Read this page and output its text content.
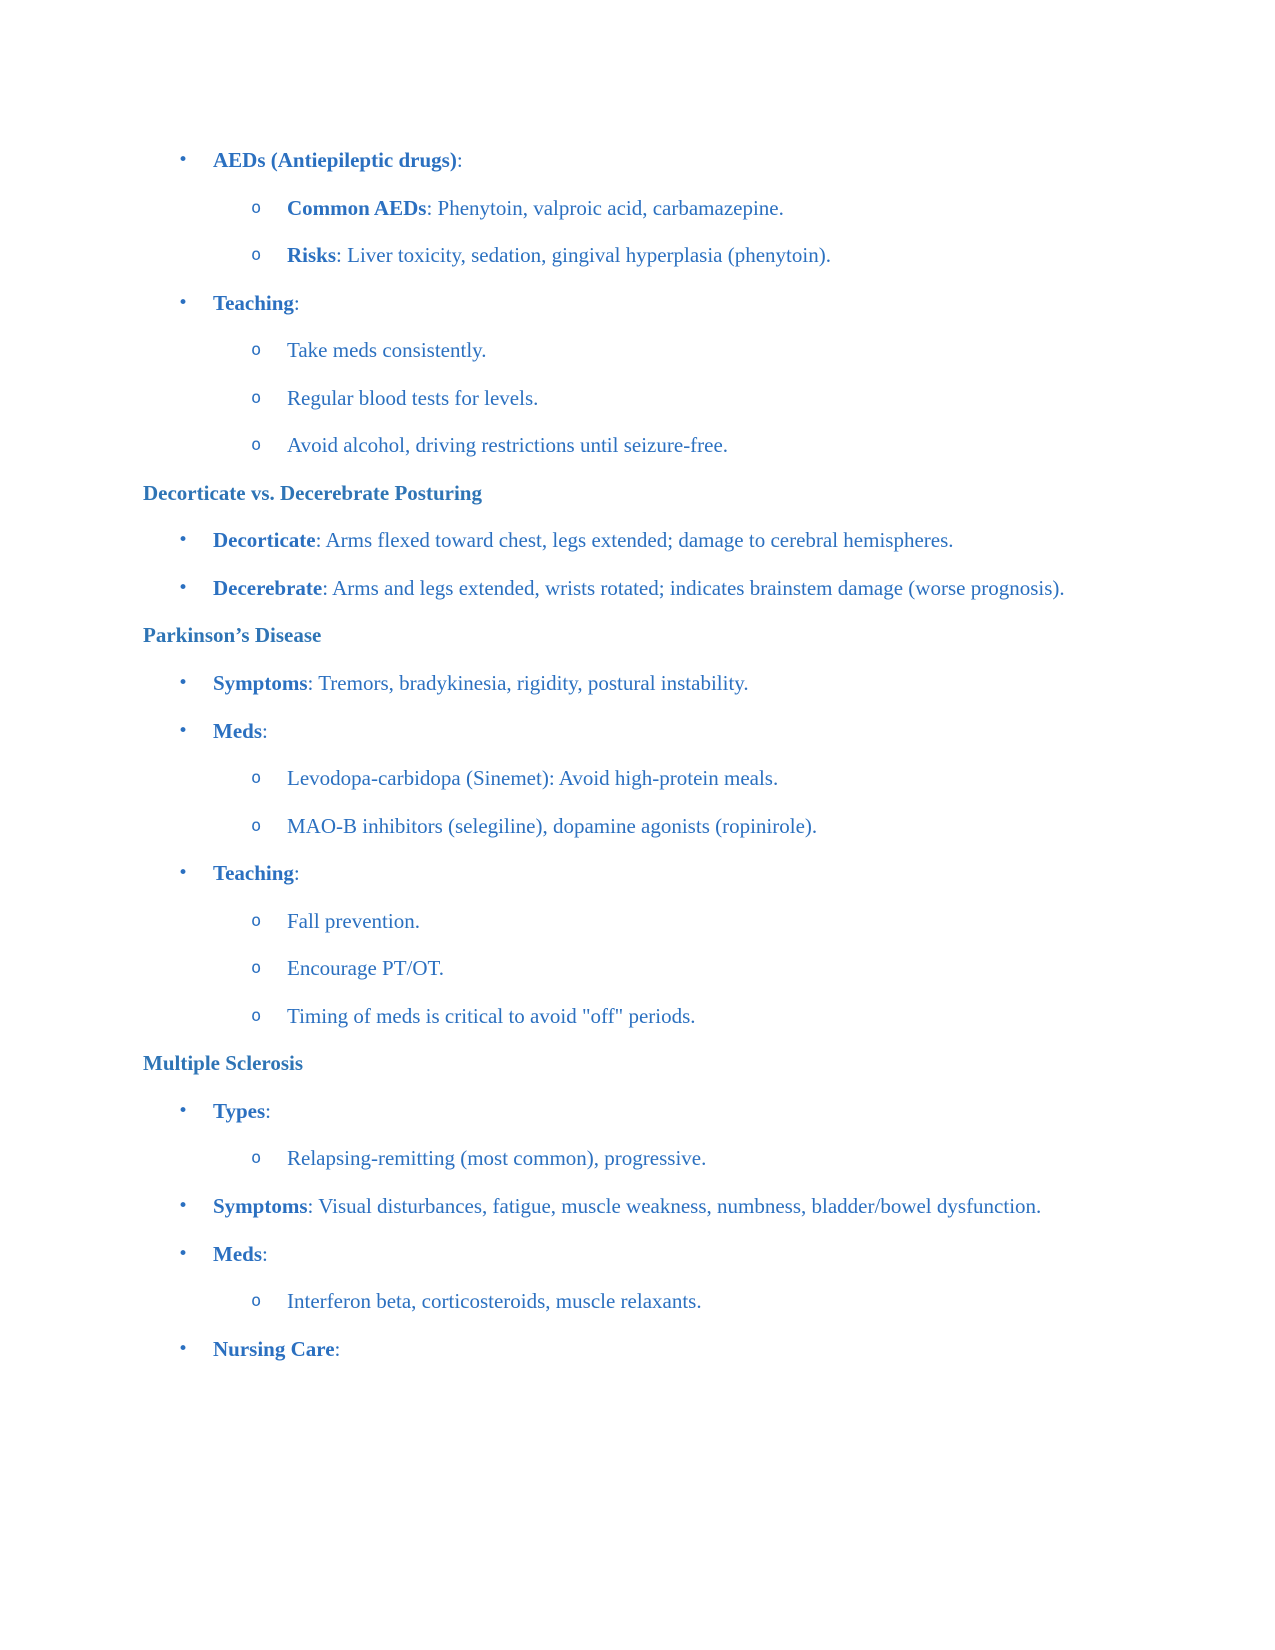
•	AEDs (Antiepileptic drugs):
o	Common AEDs: Phenytoin, valproic acid, carbamazepine.
o	Risks: Liver toxicity, sedation, gingival hyperplasia (phenytoin).
•	Teaching:
o	Take meds consistently.
o	Regular blood tests for levels.
o	Avoid alcohol, driving restrictions until seizure-free.
Decorticate vs. Decerebrate Posturing
•	Decorticate: Arms flexed toward chest, legs extended; damage to cerebral hemispheres.
•	Decerebrate: Arms and legs extended, wrists rotated; indicates brainstem damage (worse prognosis).
Parkinson’s Disease
•	Symptoms: Tremors, bradykinesia, rigidity, postural instability.
•	Meds:
o	Levodopa-carbidopa (Sinemet): Avoid high-protein meals.
o	MAO-B inhibitors (selegiline), dopamine agonists (ropinirole).
•	Teaching:
o	Fall prevention.
o	Encourage PT/OT.
o	Timing of meds is critical to avoid "off" periods.
Multiple Sclerosis
•	Types:
o	Relapsing-remitting (most common), progressive.
•	Symptoms: Visual disturbances, fatigue, muscle weakness, numbness, bladder/bowel dysfunction.
•	Meds:
o	Interferon beta, corticosteroids, muscle relaxants.
•	Nursing Care:
